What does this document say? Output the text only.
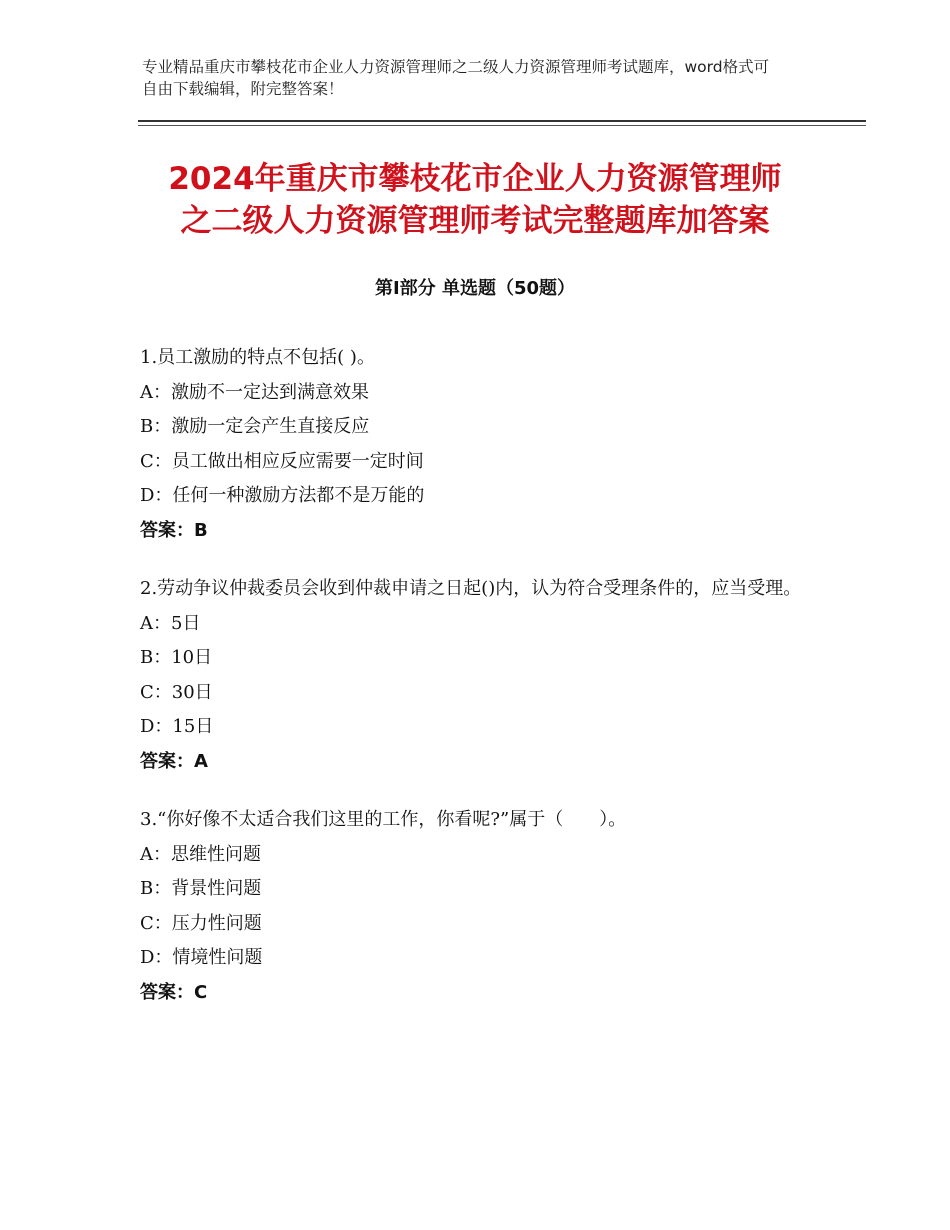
专业精品重庆市攀枝花市企业人力资源管理师之二级人力资源管理师考试题库，word格式可自由下载编辑，附完整答案！
2024年重庆市攀枝花市企业人力资源管理师
之二级人力资源管理师考试完整题库加答案
第Ⅰ部分 单选题（50题）

1.员工激励的特点不包括( )。

A：激励不一定达到满意效果

B：激励一定会产生直接反应

C：员工做出相应反应需要一定时间

D：任何一种激励方法都不是万能的

答案：B

2.劳动争议仲裁委员会收到仲裁申请之日起()内，认为符合受理条件的，应当受理。

A：5日

B：10日

C：30日

D：15日

答案：A

3.“你好像不太适合我们这里的工作，你看呢?”属于（　　）。

A：思维性问题

B：背景性问题

C：压力性问题

D：情境性问题

答案：C
